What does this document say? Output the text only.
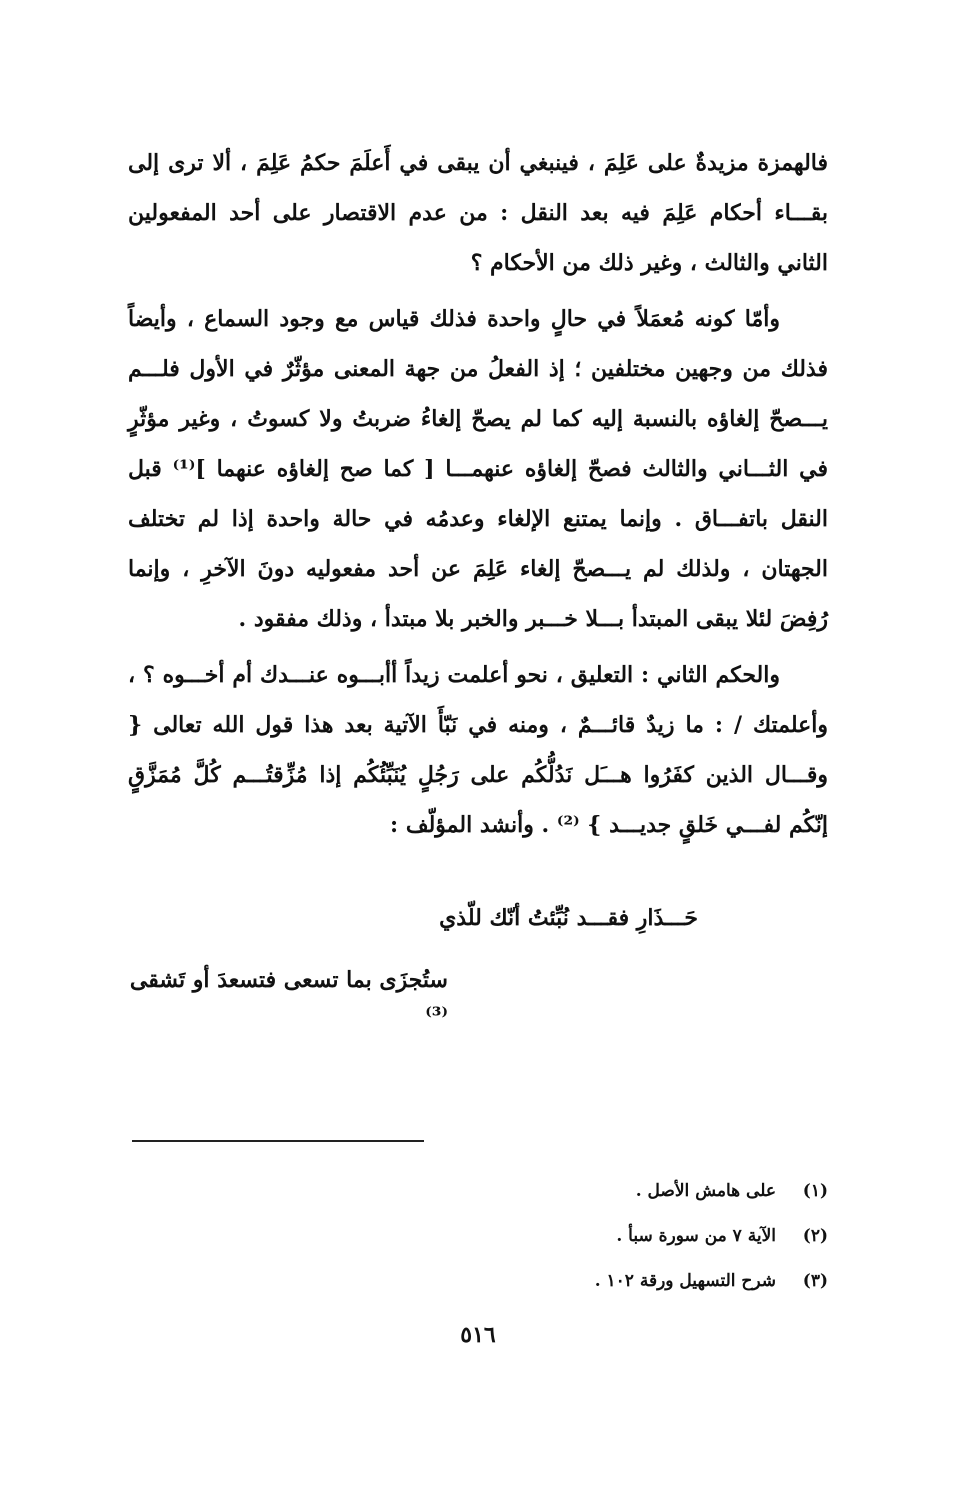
فالهمزة مزيدةٌ على عَلِمَ ، فينبغي أن يبقى في أَعلَمَ حكمُ عَلِمَ ، ألا ترى إلى بقـــاء أحكام عَلِمَ فيه بعد النقل : من عدم الاقتصار على أحد المفعولين الثاني والثالث ، وغير ذلك من الأحكام ؟

وأمّا كونه مُعمَلاً في حالٍ واحدة فذلك قياس مع وجود السماع ، وأيضاً فذلك من وجهين مختلفين ؛ إذ الفعلُ من جهة المعنى مؤثّرٌ في الأول فلـــم يـــصحّ إلغاؤه بالنسبة إليه كما لم يصحّ إلغاءُ ضربتُ ولا كسوتُ ، وغير مؤثّرٍ في الثـــاني والثالث فصحّ إلغاؤه عنهمـــا [ كما صح إلغاؤه عنهما ]⁽¹⁾ قبل النقل باتفـــاق . وإنما يمتنع الإلغاء وعدمُه في حالة واحدة إذا لم تختلف الجهتان ، ولذلك لم يـــصحّ إلغاء عَلِمَ عن أحد مفعوليه دونَ الآخرِ ، وإنما رُفِضَ لئلا يبقى المبتدأ بـــلا خـــبر والخبر بلا مبتدأ ، وذلك مفقود .

والحكم الثاني : التعليق ، نحو أعلمت زيداً أأبـــوه عنـــدك أم أخـــوه ؟ ، وأعلمتك / : ما زيدٌ قائـــمٌ ، ومنه في نَبّأَ الآتية بعد هذا قول الله تعالى { وقـــال الذين كفَرُوا هـــَل نَدُلُّكُم على رَجُلٍ يُنَبِّئُكُم إذا مُزِّقتُـــم كُلَّ مُمَزَّقٍ إنّكُم لفـــي خَلقٍ جديـــد } ⁽²⁾ . وأنشد المؤلّف :

حَـــذَارِ فقـــد نُبِّئتُ أنّك للّذي
ستُجزَى بما تسعى فتسعدَ أو تَشقى ⁽³⁾
(١)
على هامش الأصل .
(٢)
الآية ٧ من سورة سبأ .
(٣)
شرح التسهيل ورقة ١٠٢ .
٥١٦
